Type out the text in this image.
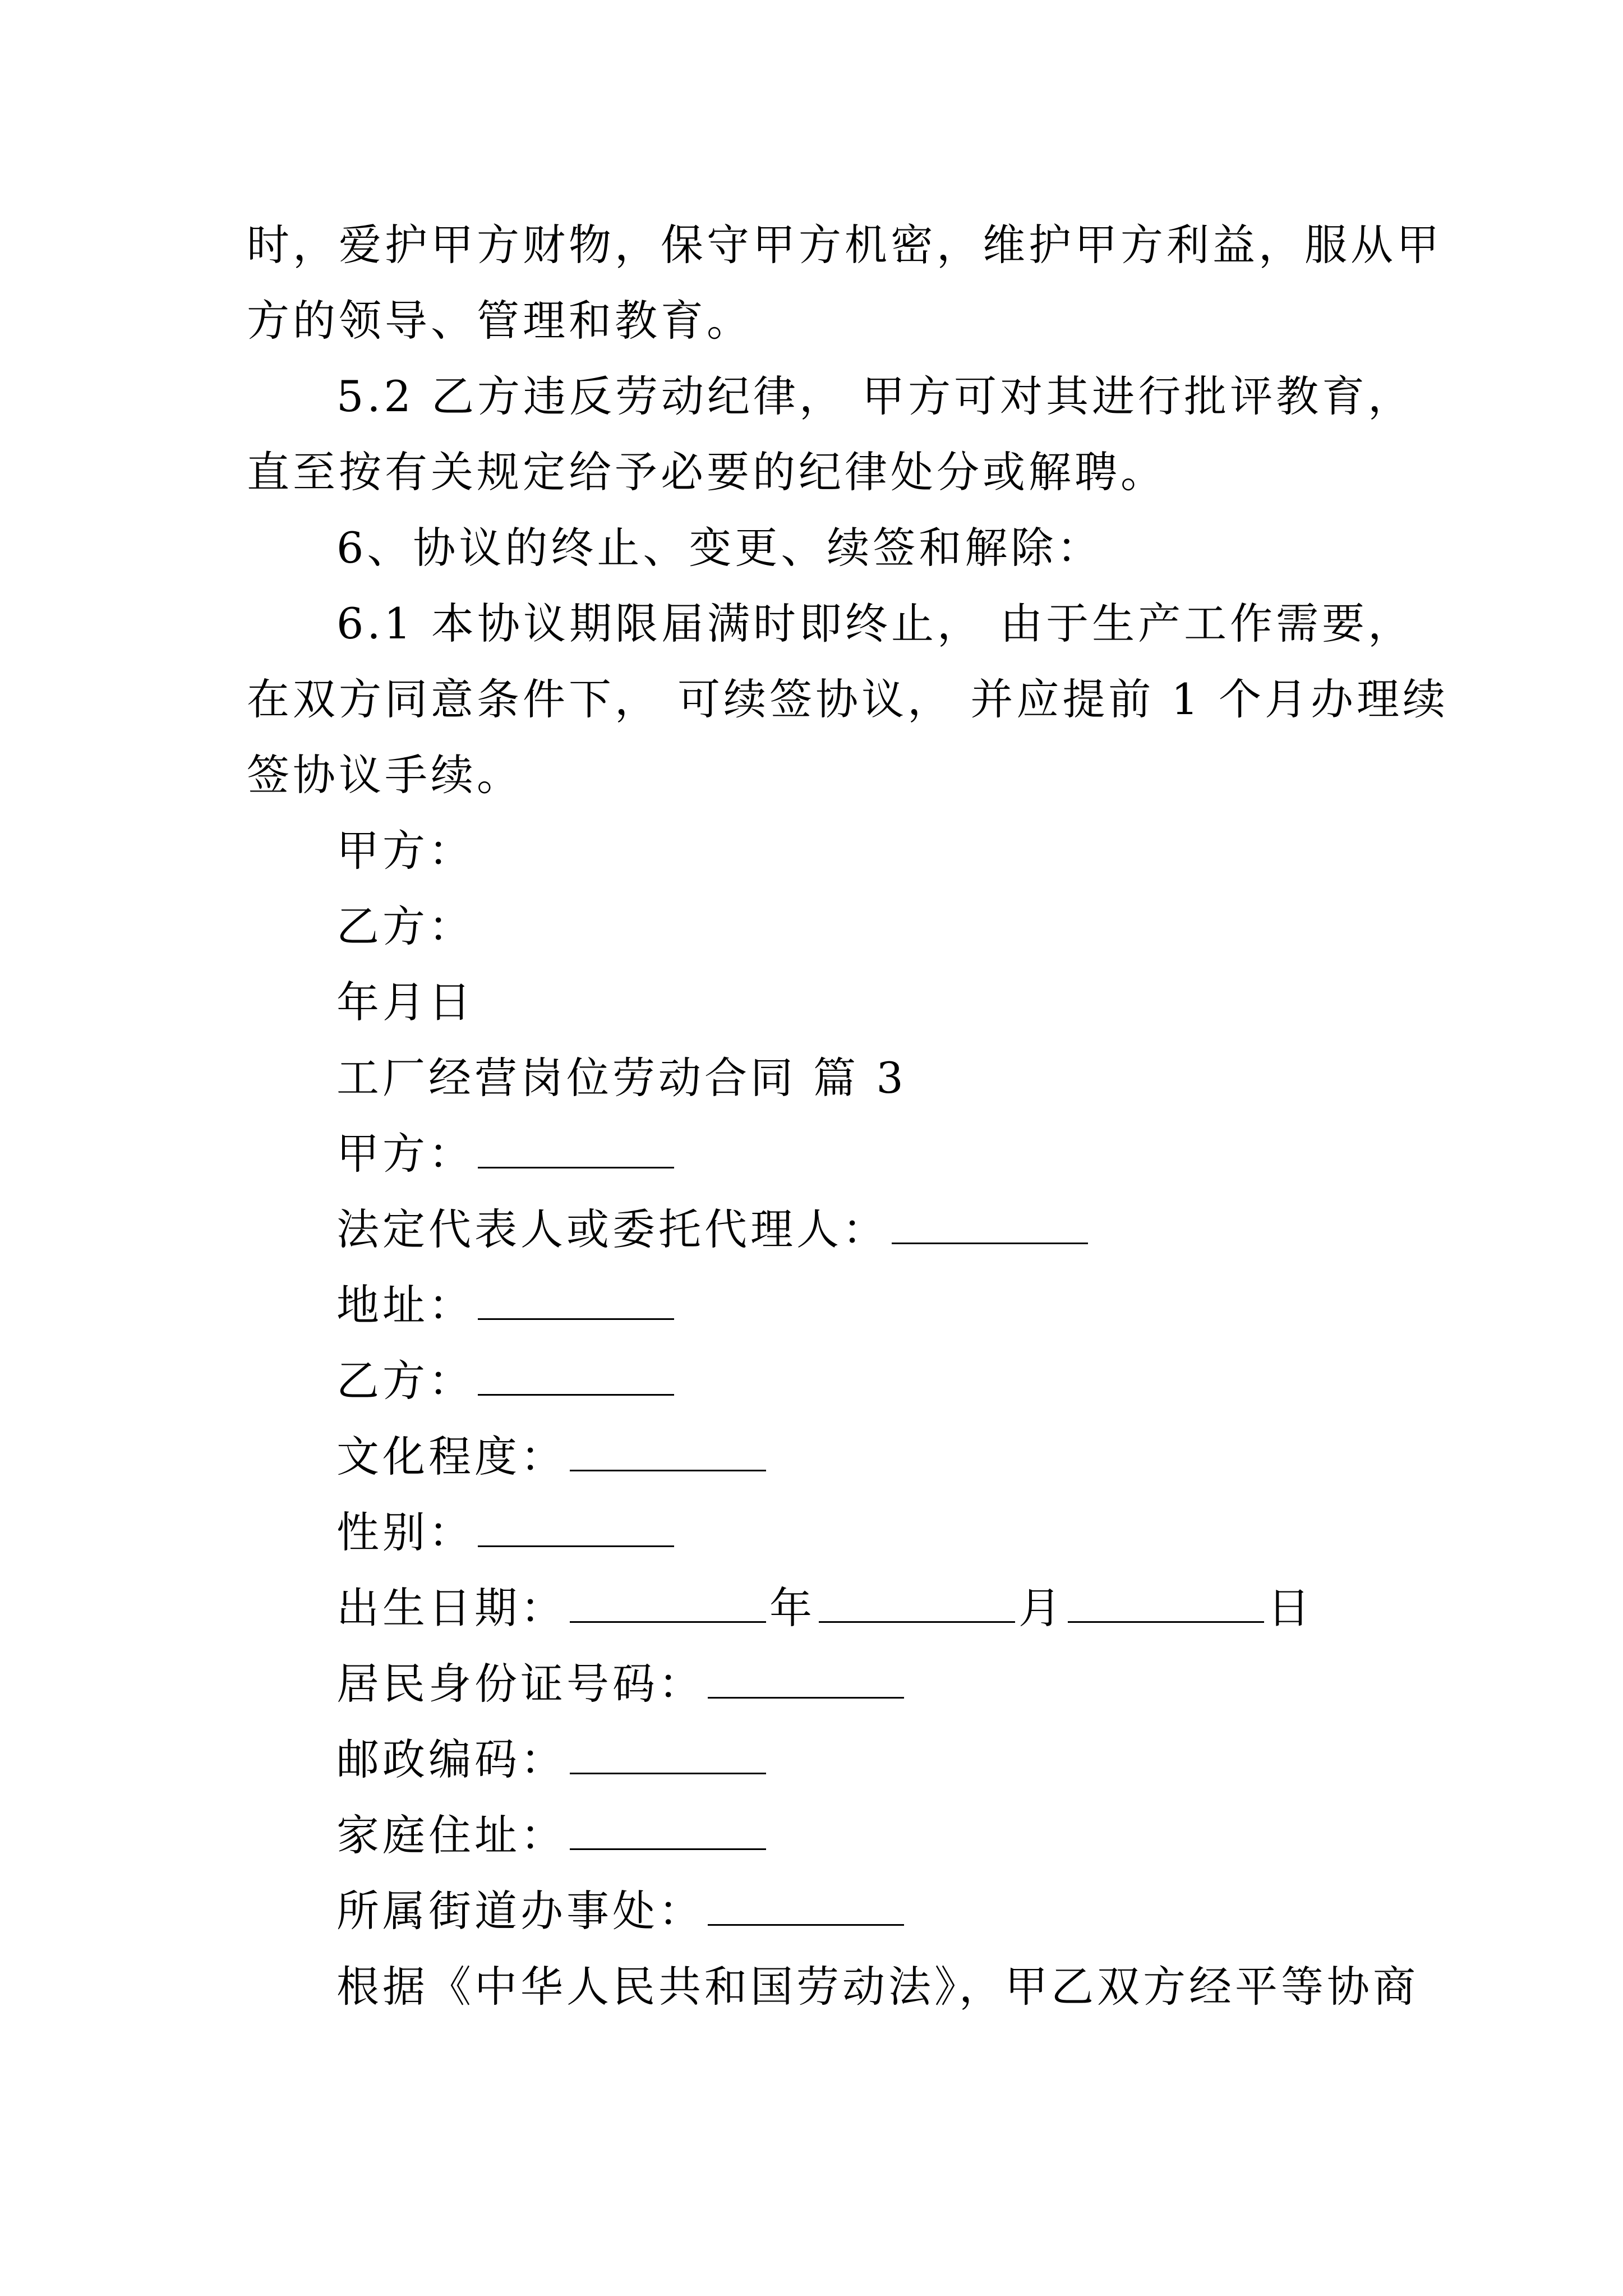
时，爱护甲方财物，保守甲方机密，维护甲方利益，服从甲
方的领导、管理和教育。
5.2 乙方违反劳动纪律， 甲方可对其进行批评教育，
直至按有关规定给予必要的纪律处分或解聘。
6、协议的终止、变更、续签和解除：
6.1 本协议期限届满时即终止， 由于生产工作需要，
在双方同意条件下， 可续签协议， 并应提前 1 个月办理续
签协议手续。
甲方：
乙方：
年月日
工厂经营岗位劳动合同 篇 3
甲方：
法定代表人或委托代理人：
地址：
乙方：
文化程度：
性别：
出生日期：	年	月	日
居民身份证号码：
邮政编码：
家庭住址：
所属街道办事处：
根据《中华人民共和国劳动法》，甲乙双方经平等协商
